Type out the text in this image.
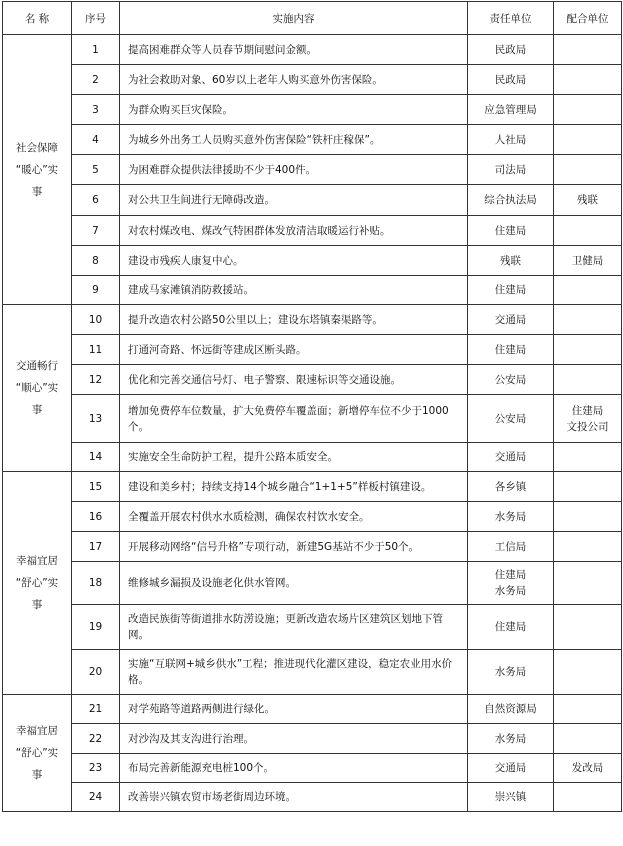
名 称	序号	实施内容	责任单位	配合单位

社会保障
“暖心”实
事	1	提高困难群众等人员春节期间慰问金额。	民政局	

	2	为社会救助对象、60岁以上老年人购买意外伤害保险。	民政局	

	3	为群众购买巨灾保险。	应急管理局	

	4	为城乡外出务工人员购买意外伤害保险“铁杆庄稼保”。	人社局	

	5	为困难群众提供法律援助不少于400件。	司法局	

	6	对公共卫生间进行无障碍改造。	综合执法局	残联

	7	对农村煤改电、煤改气特困群体发放清洁取暖运行补贴。	住建局	

	8	建设市残疾人康复中心。	残联	卫健局

	9	建成马家滩镇消防救援站。	住建局	

交通畅行
“顺心”实
事	10	提升改造农村公路50公里以上；建设东塔镇秦渠路等。	交通局	

	11	打通河奇路、怀远街等建成区断头路。	住建局	

	12	优化和完善交通信号灯、电子警察、限速标识等交通设施。	公安局	

	13	增加免费停车位数量，扩大免费停车覆盖面；新增停车位不少于1000个。	公安局	住建局
文投公司

	14	实施安全生命防护工程，提升公路本质安全。	交通局	

幸福宜居
“舒心”实
事	15	建设和美乡村；持续支持14个城乡融合“1+1+5”样板村镇建设。	各乡镇	

	16	全覆盖开展农村供水水质检测，确保农村饮水安全。	水务局	

	17	开展移动网络“信号升格”专项行动，新建5G基站不少于50个。	工信局	

	18	维修城乡漏损及设施老化供水管网。	住建局
水务局	

	19	改造民族街等街道排水防涝设施；更新改造农场片区建筑区划地下管网。	住建局	

	20	实施“互联网+城乡供水”工程；推进现代化灌区建设，稳定农业用水价格。	水务局	

幸福宜居
“舒心”实
事	21	对学苑路等道路两侧进行绿化。	自然资源局	

	22	对沙沟及其支沟进行治理。	水务局	

	23	布局完善新能源充电桩100个。	交通局	发改局

	24	改善崇兴镇农贸市场老街周边环境。	崇兴镇	
